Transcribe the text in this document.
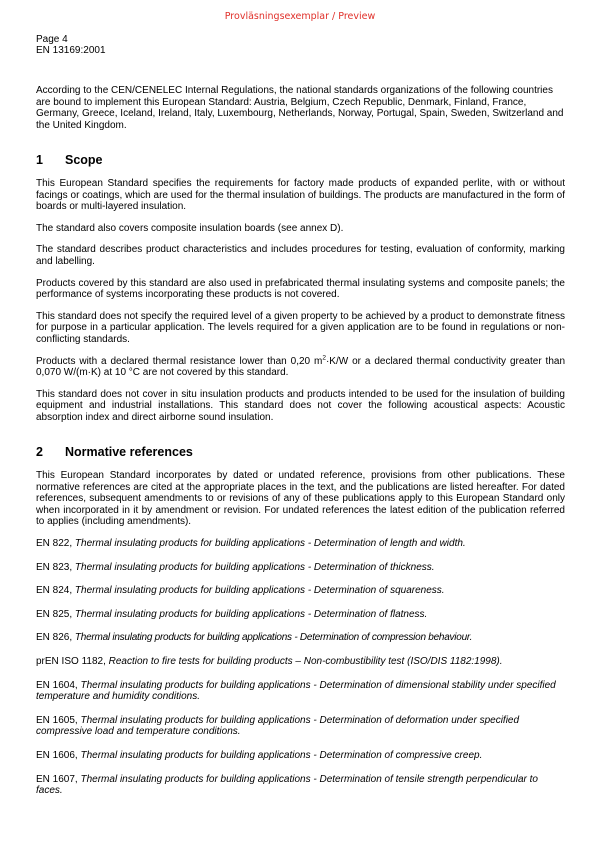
Provläsningsexemplar / Preview
Page 4
EN 13169:2001

According to the CEN/CENELEC Internal Regulations, the national standards organizations of the following countries are bound to implement this European Standard: Austria, Belgium, Czech Republic, Denmark, Finland, France, Germany, Greece, Iceland, Ireland, Italy, Luxembourg, Netherlands, Norway, Portugal, Spain, Sweden, Switzerland and the United Kingdom.

1	Scope

This European Standard specifies the requirements for factory made products of expanded perlite, with or without facings or coatings, which are used for the thermal insulation of buildings. The products are manufactured in the form of boards or multi-layered insulation.

The standard also covers composite insulation boards (see annex D).

The standard describes product characteristics and includes procedures for testing, evaluation of conformity, marking and labelling.

Products covered by this standard are also used in prefabricated thermal insulating systems and composite panels; the performance of systems incorporating these products is not covered.

This standard does not specify the required level of a given property to be achieved by a product to demonstrate fitness for purpose in a particular application. The levels required for a given application are to be found in regulations or non-conflicting standards.

Products with a declared thermal resistance lower than 0,20 $m^2\cdot K/W$ or a declared thermal conductivity greater than 0,070 W/(m·K) at 10 °C are not covered by this standard.

This standard does not cover in situ insulation products and products intended to be used for the insulation of building equipment and industrial installations. This standard does not cover the following acoustical aspects: Acoustic absorption index and direct airborne sound insulation.

2	Normative references

This European Standard incorporates by dated or undated reference, provisions from other publications. These normative references are cited at the appropriate places in the text, and the publications are listed hereafter. For dated references, subsequent amendments to or revisions of any of these publications apply to this European Standard only when incorporated in it by amendment or revision. For undated references the latest edition of the publication referred to applies (including amendments).

EN 822, Thermal insulating products for building applications - Determination of length and width.

EN 823, Thermal insulating products for building applications - Determination of thickness.

EN 824, Thermal insulating products for building applications - Determination of squareness.

EN 825, Thermal insulating products for building applications - Determination of flatness.

EN 826, Thermal insulating products for building applications - Determination of compression behaviour.

prEN ISO 1182, Reaction to fire tests for building products – Non-combustibility test (ISO/DIS 1182:1998).

EN 1604, Thermal insulating products for building applications - Determination of dimensional stability under specified temperature and humidity conditions.

EN 1605, Thermal insulating products for building applications - Determination of deformation under specified compressive load and temperature conditions.

EN 1606, Thermal insulating products for building applications - Determination of compressive creep.

EN 1607, Thermal insulating products for building applications - Determination of tensile strength perpendicular to faces.
